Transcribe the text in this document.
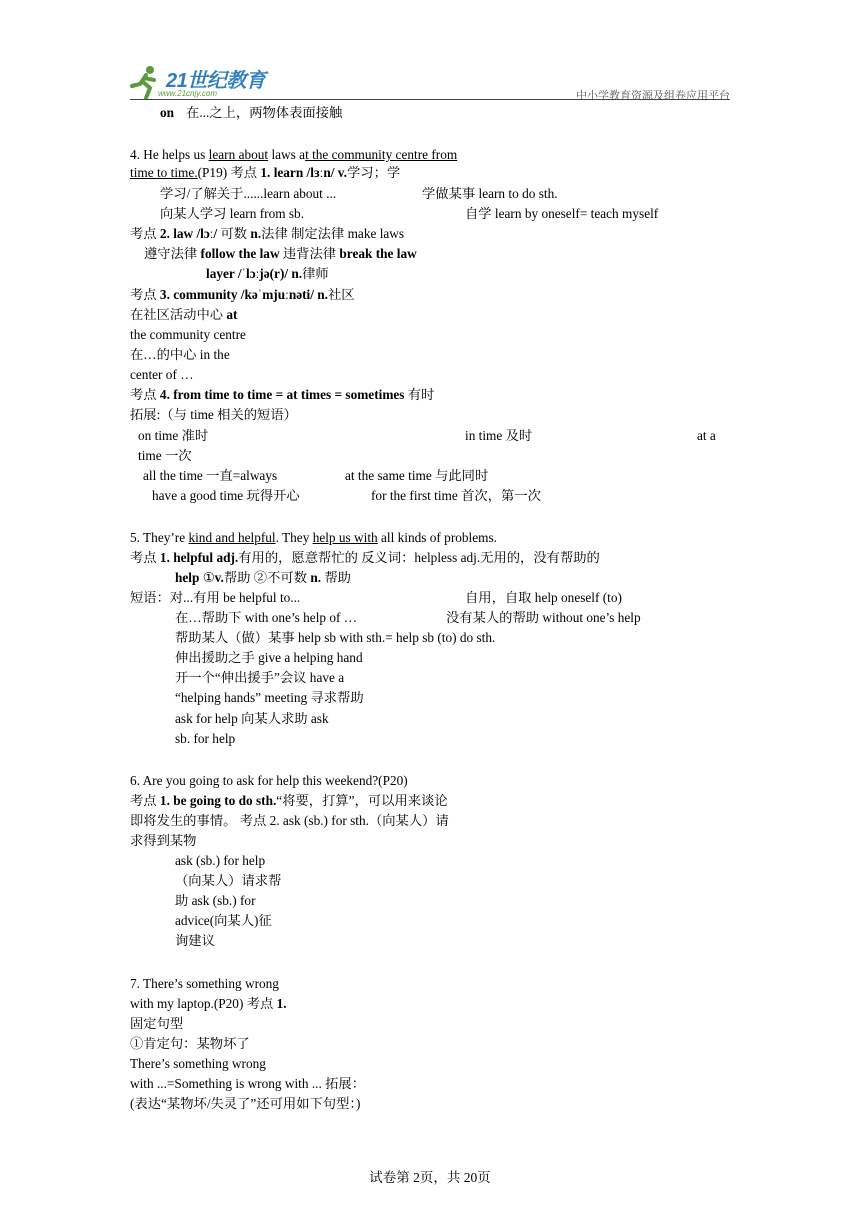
21世纪教育
www.21cnjy.com	中小学教育资源及组卷应用平台
on 在...之上，两物体表面接触
4. He helps us learn about laws at the community centre from
time to time.(P19) 考点 1. learn /lɜːn/ v.学习；学
学习/了解关于......learn about ...	学做某事 learn to do sth.
向某人学习 learn from sb.	自学 learn by oneself= teach myself
考点 2. law /lɔː/ 可数 n.法律 制定法律 make laws
遵守法律 follow the law 违背法律 break the law
layer /ˈlɔːjə(r)/ n.律师
考点 3. community /kəˈmjuːnəti/ n.社区
在社区活动中心 at
the community centre
在…的中心 in the
center of …
考点 4. from time to time = at times = sometimes 有时
拓展:（与 time 相关的短语）
on time 准时	in time 及时	at a
time 一次
all the time 一直=always	at the same time 与此同时
have a good time 玩得开心	for the first time 首次，第一次
5. They’re kind and helpful. They help us with all kinds of problems.
考点 1. helpful adj.有用的，愿意帮忙的 反义词：helpless adj.无用的，没有帮助的
help ①v.帮助 ②不可数 n. 帮助
短语：对...有用 be helpful to...	自用，自取 help oneself (to)
在…帮助下 with one’s help of …	没有某人的帮助 without one’s help
帮助某人（做）某事 help sb with sth.= help sb (to) do sth.
伸出援助之手 give a helping hand
开一个“伸出援手”会议 have a
“helping hands” meeting 寻求帮助
ask for help 向某人求助 ask
sb. for help
6. Are you going to ask for help this weekend?(P20)
考点 1. be going to do sth.“将要，打算”，可以用来谈论
即将发生的事情。 考点 2. ask (sb.) for sth.（向某人）请
求得到某物
ask (sb.) for help
（向某人）请求帮
助 ask (sb.) for
advice(向某人)征
询建议
7. There’s something wrong
with my laptop.(P20) 考点 1.
固定句型
①肯定句：某物坏了
There’s something wrong
with ...=Something is wrong with ... 拓展：
(表达“某物坏/失灵了”还可用如下句型：)
试卷第 2页，共 20页
